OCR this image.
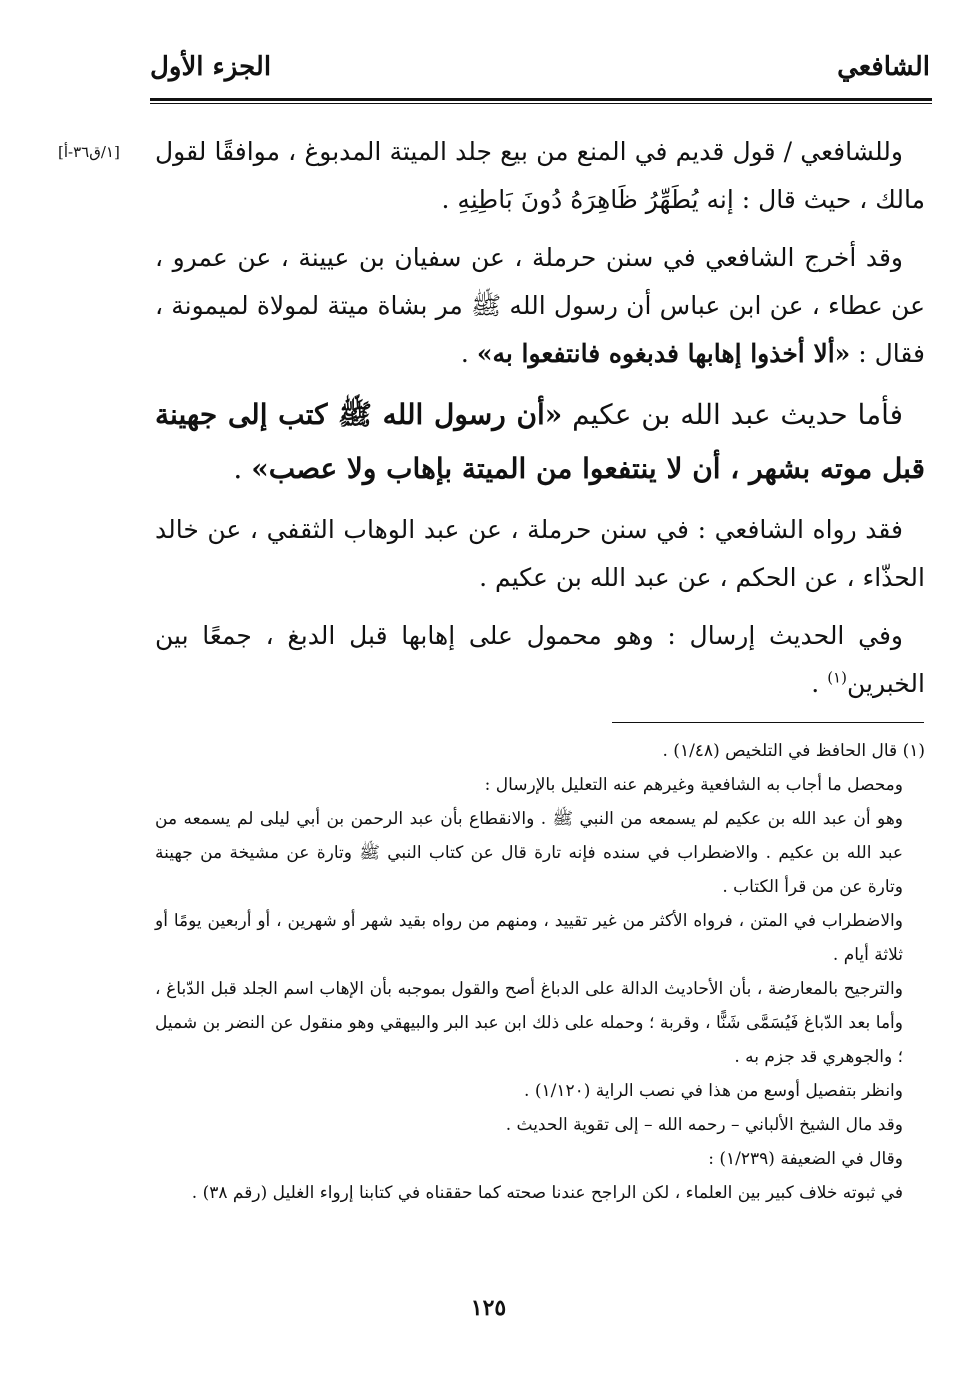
الشافعي
الجزء الأول
[١/ق٣٦-أ] وللشافعي / قول قديم في المنع من بيع جلد الميتة المدبوغ ، موافقًا لقول مالك ، حيث قال : إنه يُطَهِّرُ ظَاهِرَهُ دُونَ بَاطِنِهِ .

وقد أخرج الشافعي في سنن حرملة ، عن سفيان بن عيينة ، عن عمرو ، عن عطاء ، عن ابن عباس أن رسول الله ﷺ مر بشاة ميتة لمولاة لميمونة ، فقال : «ألا أخذوا إهابها فدبغوه فانتفعوا به» .

فأما حديث عبد الله بن عكيم «أن رسول الله ﷺ كتب إلى جهينة قبل موته بشهر ، أن لا ينتفعوا من الميتة بإهاب ولا عصب» .

فقد رواه الشافعي : في سنن حرملة ، عن عبد الوهاب الثقفي ، عن خالد الحذّاء ، عن الحكم ، عن عبد الله بن عكيم .

وفي الحديث إرسال : وهو محمول على إهابها قبل الدبغ ، جمعًا بين الخبرين$^{(١)}$ .

(١) قال الحافظ في التلخيص (١/٤٨) .

ومحصل ما أجاب به الشافعية وغيرهم عنه التعليل بالإرسال :

وهو أن عبد الله بن عكيم لم يسمعه من النبي ﷺ . والانقطاع بأن عبد الرحمن بن أبي ليلى لم يسمعه من عبد الله بن عكيم . والاضطراب في سنده فإنه تارة قال عن كتاب النبي ﷺ وتارة عن مشيخة من جهينة وتارة عن من قرأ الكتاب .

والاضطراب في المتن ، فرواه الأكثر من غير تقييد ، ومنهم من رواه بقيد شهر أو شهرين ، أو أربعين يومًا أو ثلاثة أيام .

والترجيح بالمعارضة ، بأن الأحاديث الدالة على الدباغ أصح والقول بموجبه بأن الإهاب اسم الجلد قبل الدّباغ ، وأما بعد الدّباغ فَيُسَمَّى شَنًّا ، وقربة ؛ وحمله على ذلك ابن عبد البر والبيهقي وهو منقول عن النضر بن شميل ؛ والجوهري قد جزم به .

وانظر بتفصيل أوسع من هذا في نصب الراية (١/١٢٠) .

وقد مال الشيخ الألباني – رحمه الله – إلى تقوية الحديث .

وقال في الضعيفة (١/٢٣٩) :

في ثبوته خلاف كبير بين العلماء ، لكن الراجح عندنا صحته كما حققناه في كتابنا إرواء الغليل (رقم ٣٨) .

١٢٥
